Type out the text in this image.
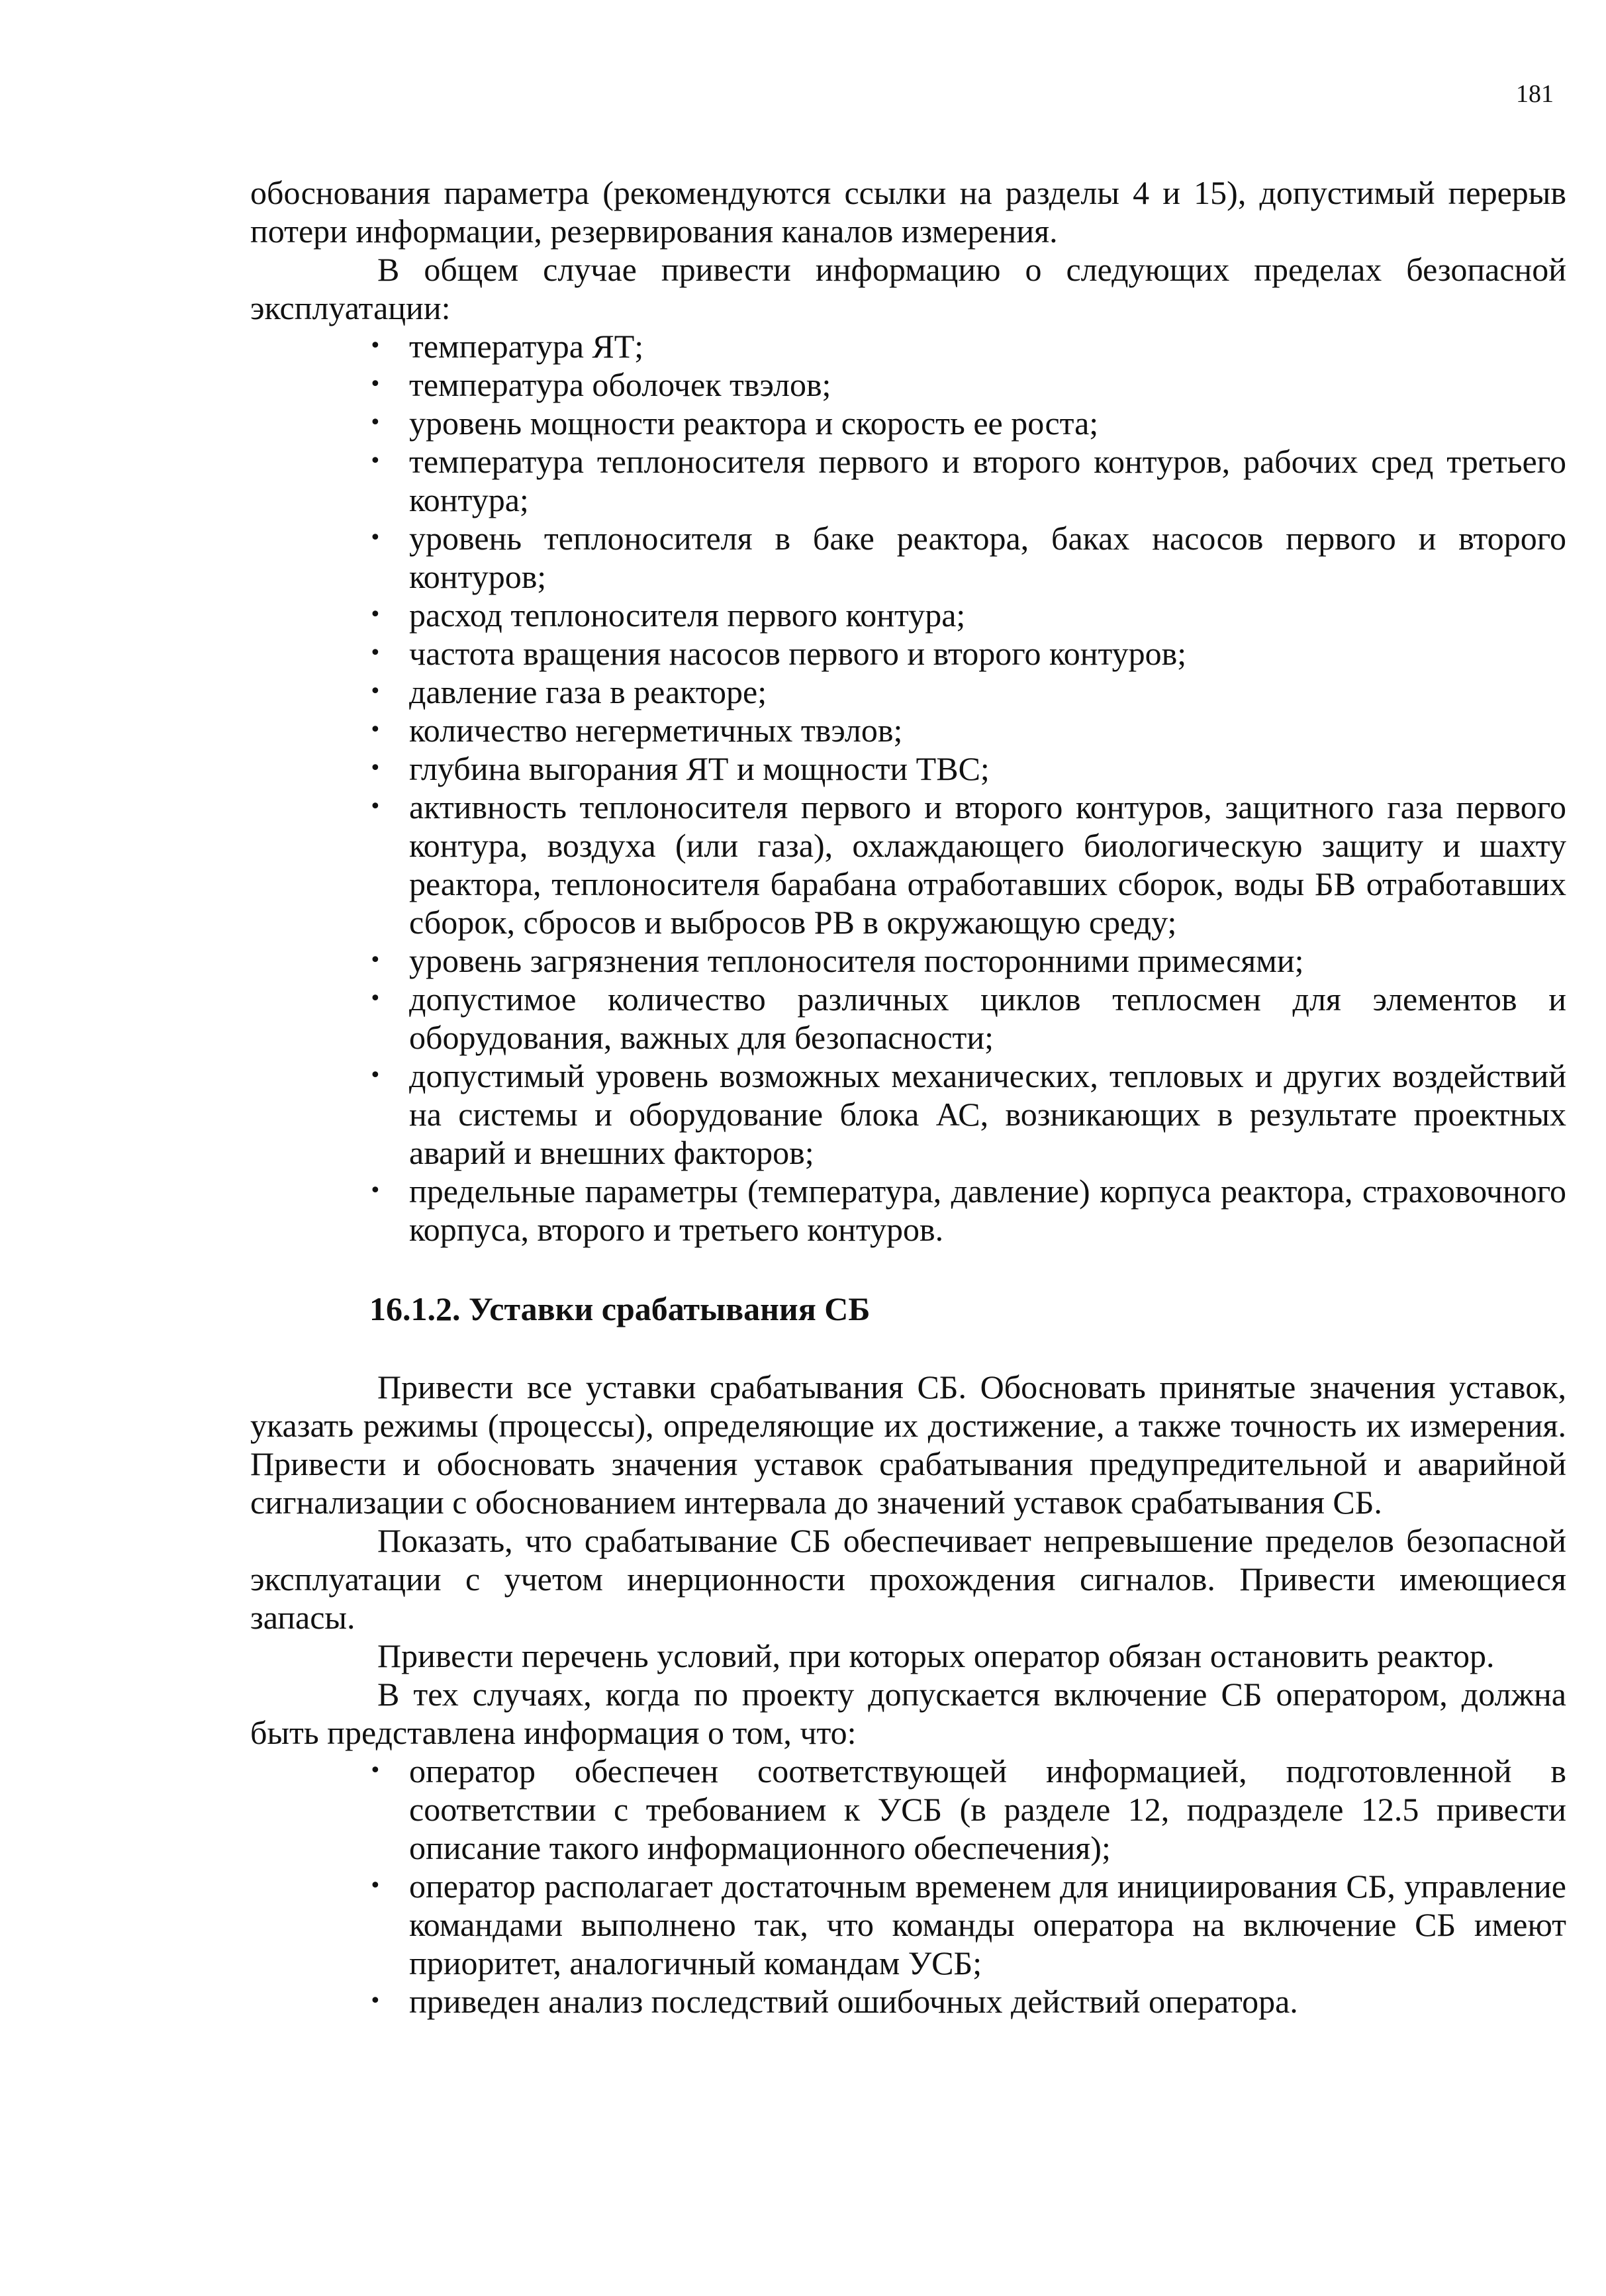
181

обоснования параметра (рекомендуются ссылки на разделы 4 и 15), допустимый перерыв потери информации, резервирования каналов измерения.

В общем случае привести информацию о следующих пределах безопасной эксплуатации:

• температура ЯТ;
• температура оболочек твэлов;
• уровень мощности реактора и скорость ее роста;
• температура теплоносителя первого и второго контуров, рабочих сред третьего контура;
• уровень теплоносителя в баке реактора, баках насосов первого и второго контуров;
• расход теплоносителя первого контура;
• частота вращения насосов первого и второго контуров;
• давление газа в реакторе;
• количество негерметичных твэлов;
• глубина выгорания ЯТ и мощности ТВС;
• активность теплоносителя первого и второго контуров, защитного газа первого контура, воздуха (или газа), охлаждающего биологическую защиту и шахту реактора, теплоносителя барабана отработавших сборок, воды БВ отработавших сборок, сбросов и выбросов РВ в окружающую среду;
• уровень загрязнения теплоносителя посторонними примесями;
• допустимое количество различных циклов теплосмен для элементов и оборудования, важных для безопасности;
• допустимый уровень возможных механических, тепловых и других воздействий на системы и оборудование блока АС, возникающих в результате проектных аварий и внешних факторов;
• предельные параметры (температура, давление) корпуса реактора, страховочного корпуса, второго и третьего контуров.

16.1.2. Уставки срабатывания СБ

Привести все уставки срабатывания СБ. Обосновать принятые значения уставок, указать режимы (процессы), определяющие их достижение, а также точность их измерения. Привести и обосновать значения уставок срабатывания предупредительной и аварийной сигнализации с обоснованием интервала до значений уставок срабатывания СБ.

Показать, что срабатывание СБ обеспечивает непревышение пределов безопасной эксплуатации с учетом инерционности прохождения сигналов. Привести имеющиеся запасы.

Привести перечень условий, при которых оператор обязан остановить реактор.

В тех случаях, когда по проекту допускается включение СБ оператором, должна быть представлена информация о том, что:

• оператор обеспечен соответствующей информацией, подготовленной в соответствии с требованием к УСБ (в разделе 12, подразделе 12.5 привести описание такого информационного обеспечения);
• оператор располагает достаточным временем для инициирования СБ, управление командами выполнено так, что команды оператора на включение СБ имеют приоритет, аналогичный командам УСБ;
• приведен анализ последствий ошибочных действий оператора.
